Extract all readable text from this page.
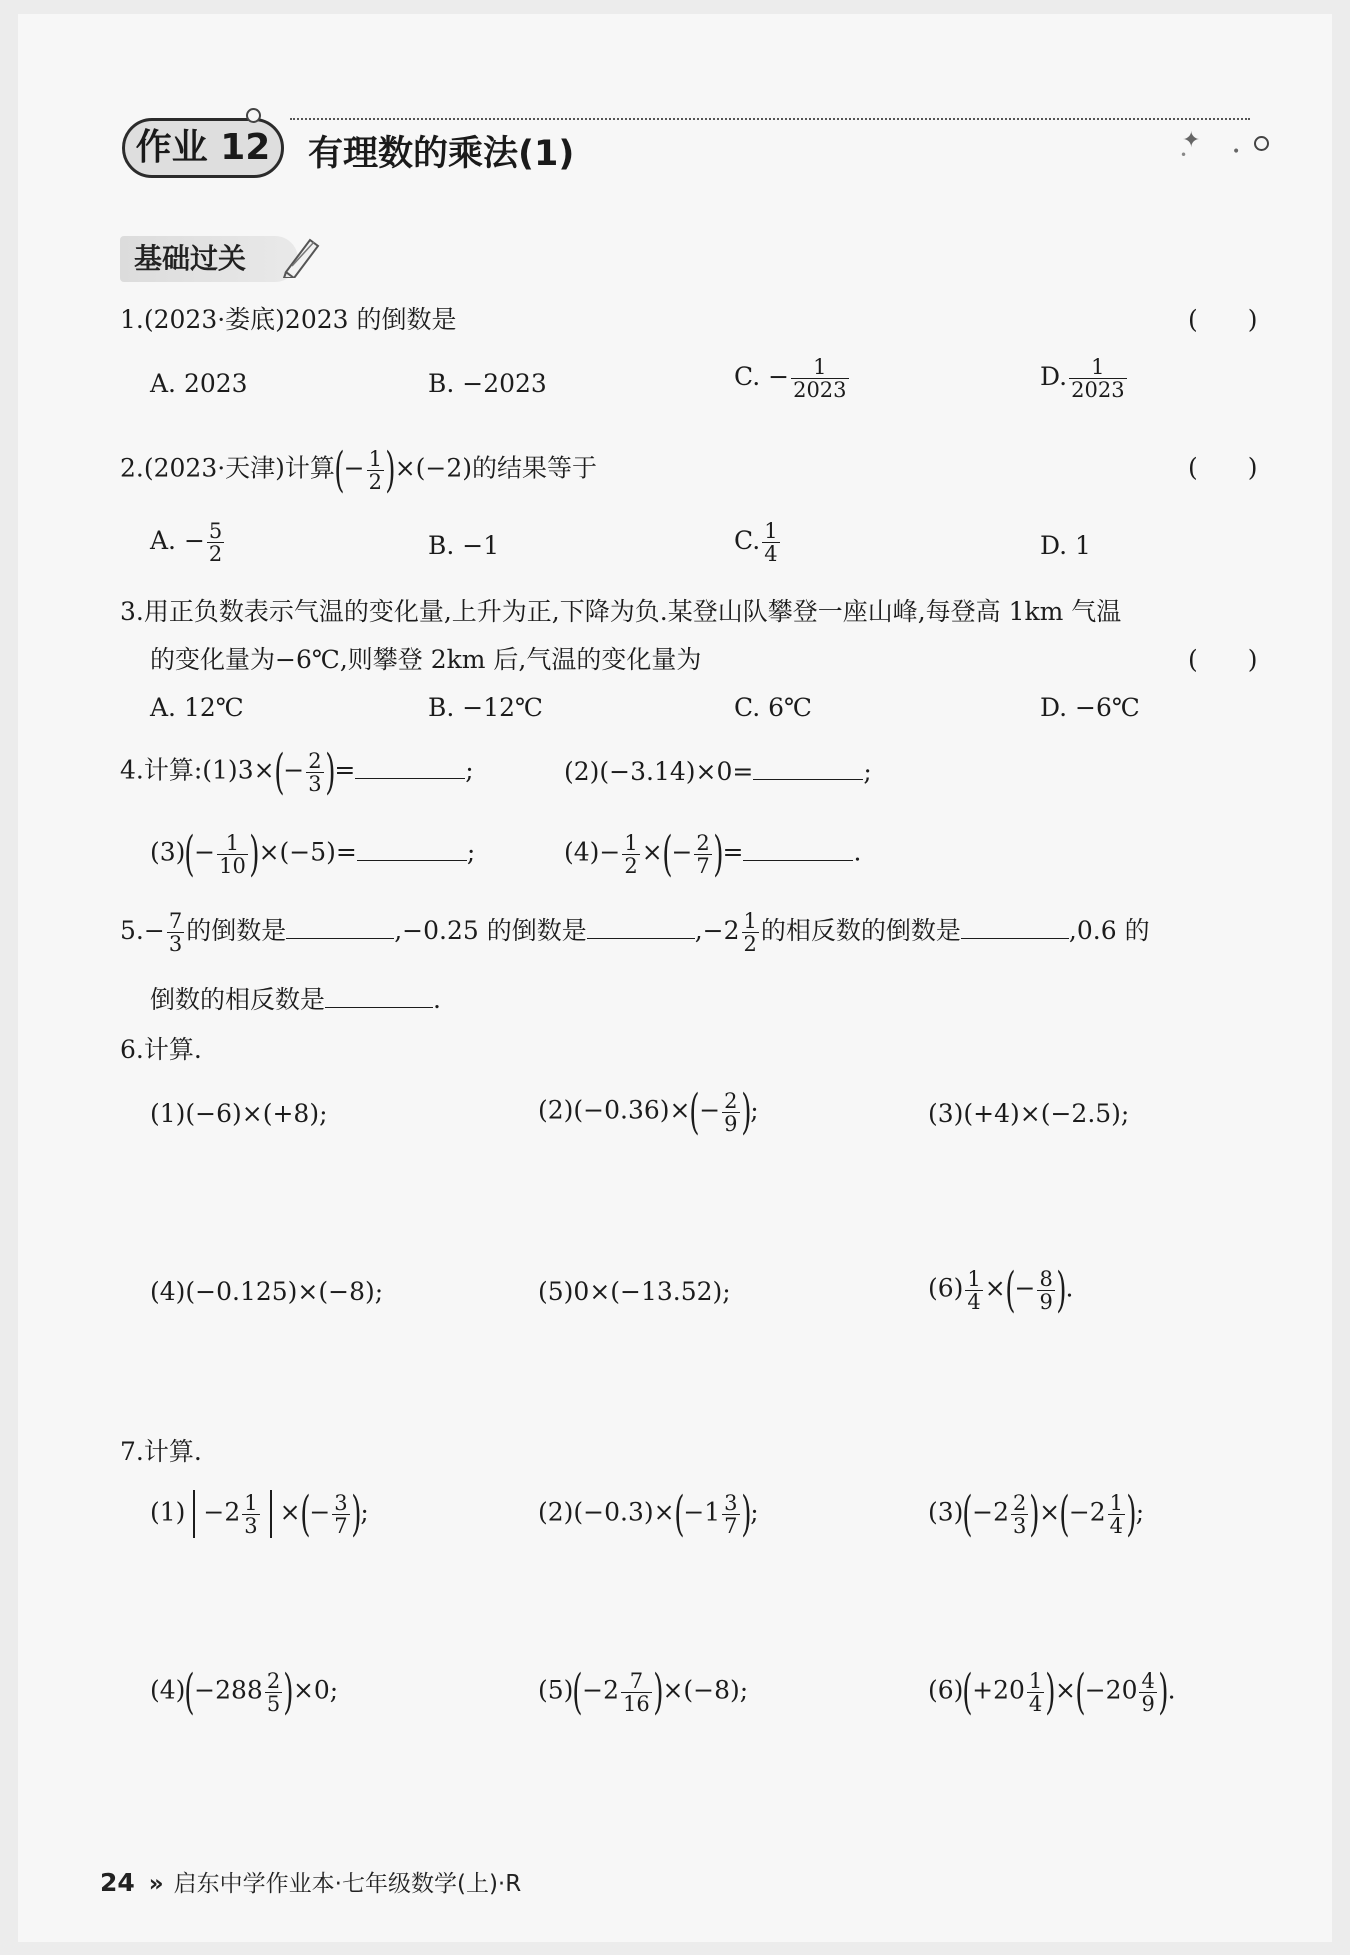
作业 12	✦ •
•
有理数的乘法(1)
基础过关
1.(2023·娄底)2023 的倒数是	(　　)
A. 2023	B. −2023	C. − $\frac{1}{2023}$	D. $\frac{1}{2023}$
2.(2023·天津)计算(− $\frac{1}{2} )\times(-2)$的结果等于	(　　)
A. − $\frac{5}{2}$	B. −1	C. $\frac{1}{4}$	D. 1
3.用正负数表示气温的变化量,上升为正,下降为负.某登山队攀登一座山峰,每登高 1km 气温
的变化量为−6℃,则攀登 2km 后,气温的变化量为	(　　)
A. 12℃	B. −12℃	C. 6℃	D. −6℃
4.计算:(1)3×(− $\frac{2}{3}$ )=	;	(2)(−3.14)×0=	;
$(3)(- \frac{1}{10} )\times(-5)=$	;	$(4)- \frac{1}{2}$ ×(− $\frac{2}{7}$ )=	.
$5.- \frac{7}{3}$ 的倒数是	,−0.25 的倒数是	$,-2 \frac{1}{2}$ 的相反数的倒数是	,0.6 的
倒数的相反数是	.
6.计算.
(1)(−6)×(+8);	$(2)(-0.36)\times(- \frac{2}{9}$ );	(3)(+4)×(−2.5);
(4)(−0.125)×(−8);	(5)0×(−13.52);	$(6) \frac{1}{4}$ ×(− $\frac{8}{9}$ ).
7.计算.
$(1) -2 \frac{1}{3}$ ×(− $\frac{3}{7}$ );	$(2)(-0.3)\times(-1 \frac{3}{7}$ );	$(3)(-2 \frac{2}{3} )\times(-2 \frac{1}{4}$ );
$(4)(-288 \frac{2}{5} )\times 0$;	$(5)(-2 \frac{7}{16} )\times(-8)$;	$(6)(+20 \frac{1}{4} )\times(-20 \frac{4}{9}$ ).
24 » 启东中学作业本·七年级数学(上)·R
